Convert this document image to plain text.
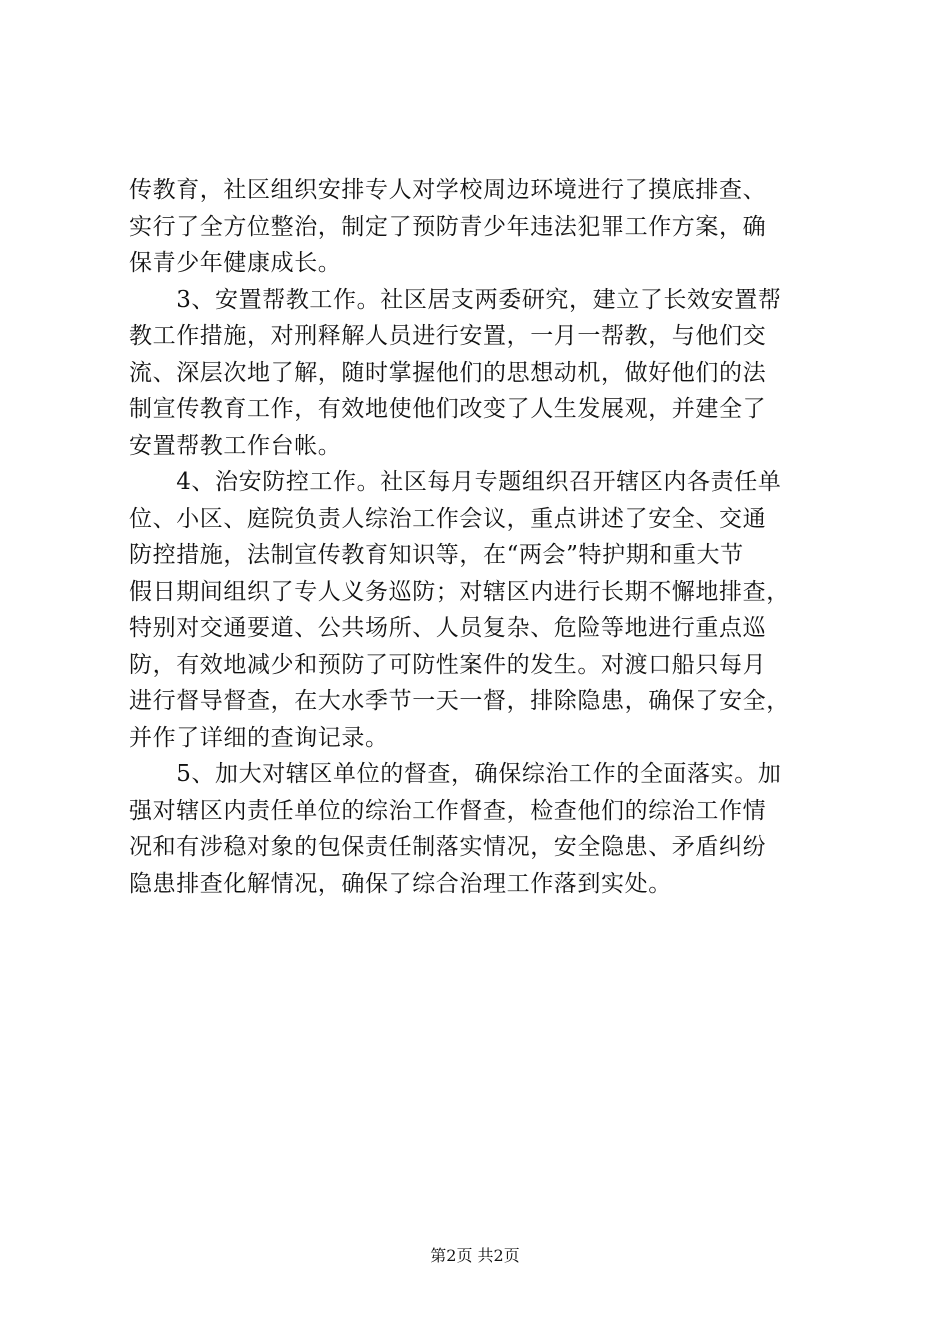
传教育，社区组织安排专人对学校周边环境进行了摸底排查、
实行了全方位整治，制定了预防青少年违法犯罪工作方案，确
保青少年健康成长。
　　3、安置帮教工作。社区居支两委研究，建立了长效安置帮
教工作措施，对刑释解人员进行安置，一月一帮教，与他们交
流、深层次地了解，随时掌握他们的思想动机，做好他们的法
制宣传教育工作，有效地使他们改变了人生发展观，并建全了
安置帮教工作台帐。
　　4、治安防控工作。社区每月专题组织召开辖区内各责任单
位、小区、庭院负责人综治工作会议，重点讲述了安全、交通
防控措施，法制宣传教育知识等，在“两会”特护期和重大节
假日期间组织了专人义务巡防；对辖区内进行长期不懈地排查，
特别对交通要道、公共场所、人员复杂、危险等地进行重点巡
防，有效地减少和预防了可防性案件的发生。对渡口船只每月
进行督导督查，在大水季节一天一督，排除隐患，确保了安全，
并作了详细的查询记录。
　　5、加大对辖区单位的督查，确保综治工作的全面落实。加
强对辖区内责任单位的综治工作督查，检查他们的综治工作情
况和有涉稳对象的包保责任制落实情况，安全隐患、矛盾纠纷
隐患排查化解情况，确保了综合治理工作落到实处。
第2页 共2页
